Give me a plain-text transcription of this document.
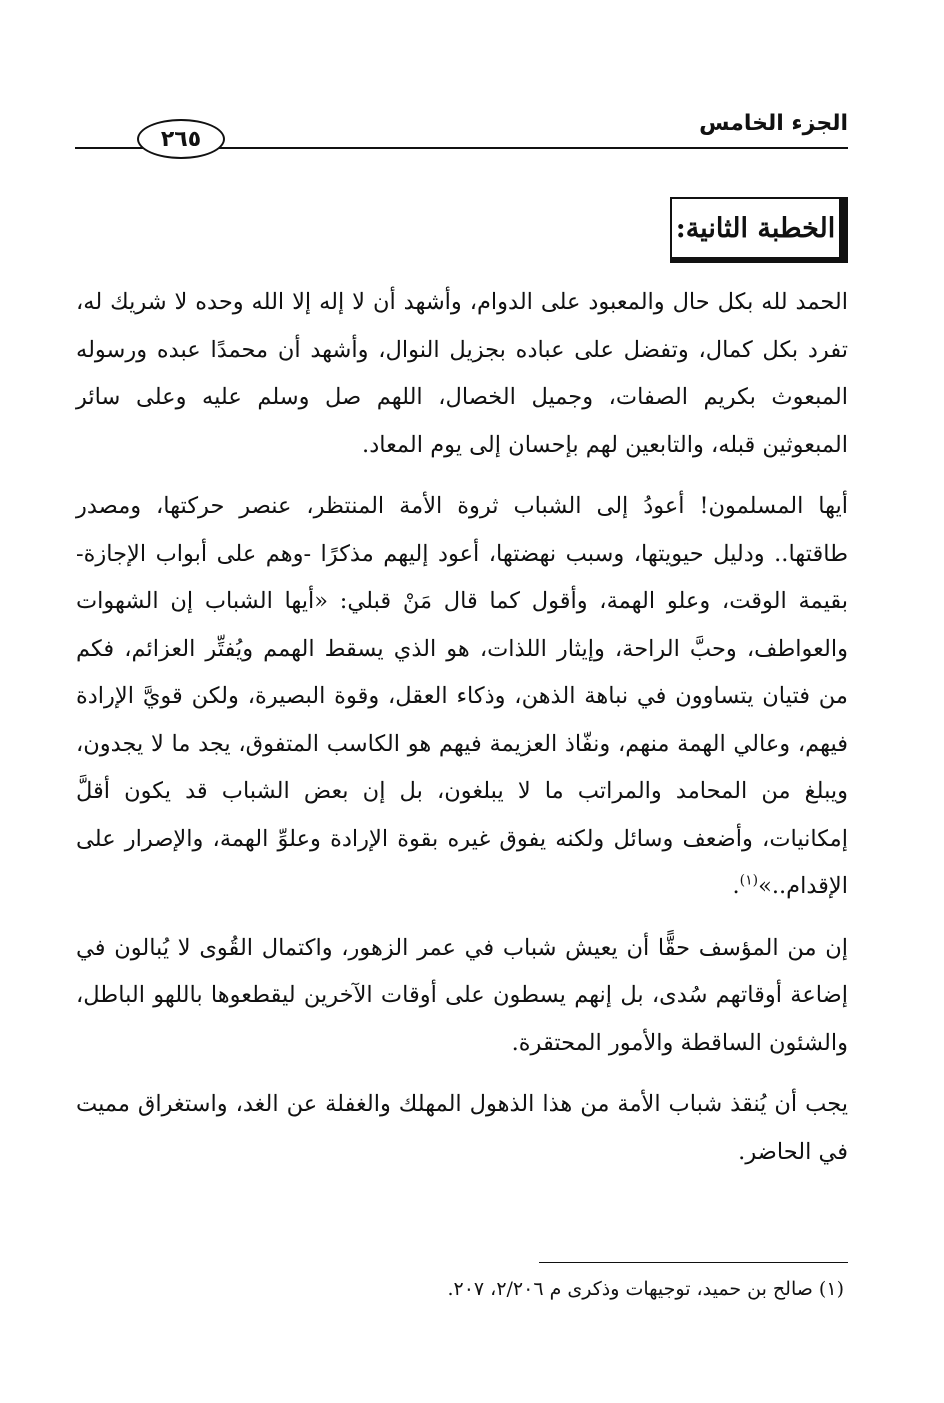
الجزء الخامس
٢٦٥
الخطبة الثانية:

الحمد لله بكل حال والمعبود على الدوام، وأشهد أن لا إله إلا الله وحده لا شريك له، تفرد بكل كمال، وتفضل على عباده بجزيل النوال، وأشهد أن محمدًا عبده ورسوله المبعوث بكريم الصفات، وجميل الخصال، اللهم صل وسلم عليه وعلى سائر المبعوثين قبله، والتابعين لهم بإحسان إلى يوم المعاد.

أيها المسلمون! أعودُ إلى الشباب ثروة الأمة المنتظر، عنصر حركتها، ومصدر طاقتها.. ودليل حيويتها، وسبب نهضتها، أعود إليهم مذكرًا -وهم على أبواب الإجازة- بقيمة الوقت، وعلو الهمة، وأقول كما قال مَنْ قبلي: «أيها الشباب إن الشهوات والعواطف، وحبَّ الراحة، وإيثار اللذات، هو الذي يسقط الهمم ويُفتِّر العزائم، فكم من فتيان يتساوون في نباهة الذهن، وذكاء العقل، وقوة البصيرة، ولكن قويَّ الإرادة فيهم، وعالي الهمة منهم، ونفّاذ العزيمة فيهم هو الكاسب المتفوق، يجد ما لا يجدون، ويبلغ من المحامد والمراتب ما لا يبلغون، بل إن بعض الشباب قد يكون أقلَّ إمكانيات، وأضعف وسائل ولكنه يفوق غيره بقوة الإرادة وعلوِّ الهمة، والإصرار على الإقدام..»$^{(١)}$.

إن من المؤسف حقًّا أن يعيش شباب في عمر الزهور، واكتمال القُوى لا يُبالون في إضاعة أوقاتهم سُدى، بل إنهم يسطون على أوقات الآخرين ليقطعوها باللهو الباطل، والشئون الساقطة والأمور المحتقرة.

يجب أن يُنقذ شباب الأمة من هذا الذهول المهلك والغفلة عن الغد، واستغراق مميت في الحاضر.

(١) صالح بن حميد، توجيهات وذكرى م ٢/٢٠٦، ٢٠٧.
